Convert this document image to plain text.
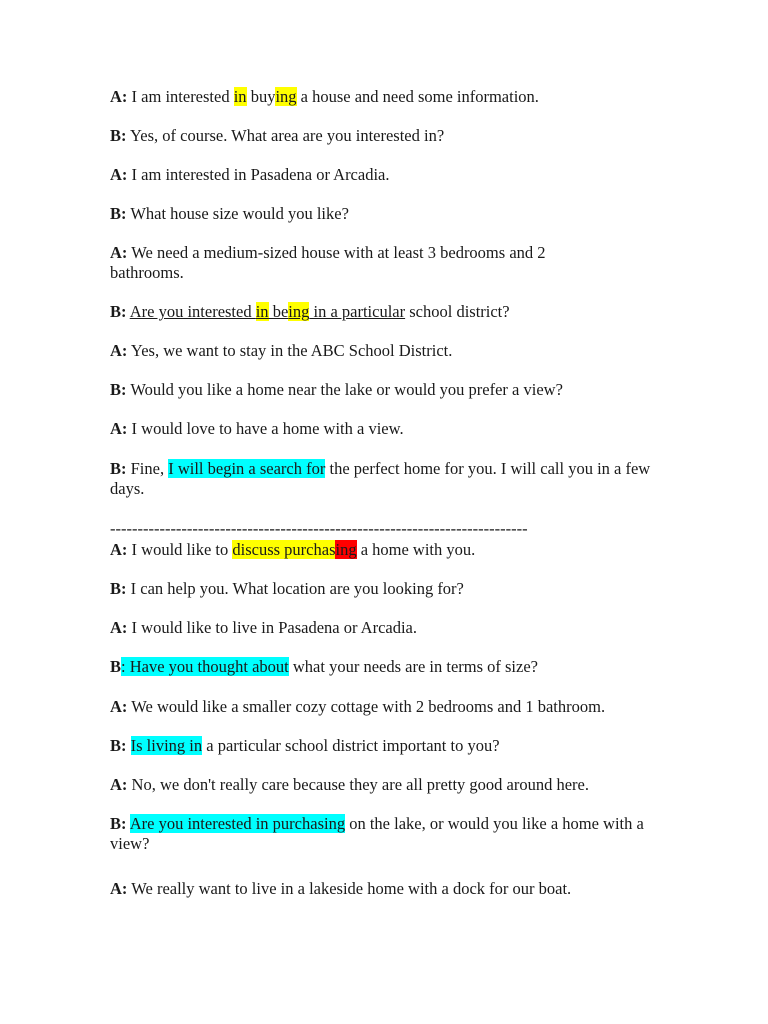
A: I am interested in buying a house and need some information.
B: Yes, of course. What area are you interested in?
A: I am interested in Pasadena or Arcadia.
B: What house size would you like?
A: We need a medium-sized house with at least 3 bedrooms and 2 bathrooms.
B: Are you interested in being in a particular school district?
A: Yes, we want to stay in the ABC School District.
B: Would you like a home near the lake or would you prefer a view?
A: I would love to have a home with a view.
B: Fine, I will begin a search for the perfect home for you. I will call you in a few days.
----------------------------------------------------------------------------
A: I would like to discuss purchasing a home with you.
B: I can help you. What location are you looking for?
A: I would like to live in Pasadena or Arcadia.
B: Have you thought about what your needs are in terms of size?
A: We would like a smaller cozy cottage with 2 bedrooms and 1 bathroom.
B: Is living in a particular school district important to you?
A: No, we don't really care because they are all pretty good around here.
B: Are you interested in purchasing on the lake, or would you like a home with a view?
A: We really want to live in a lakeside home with a dock for our boat.
